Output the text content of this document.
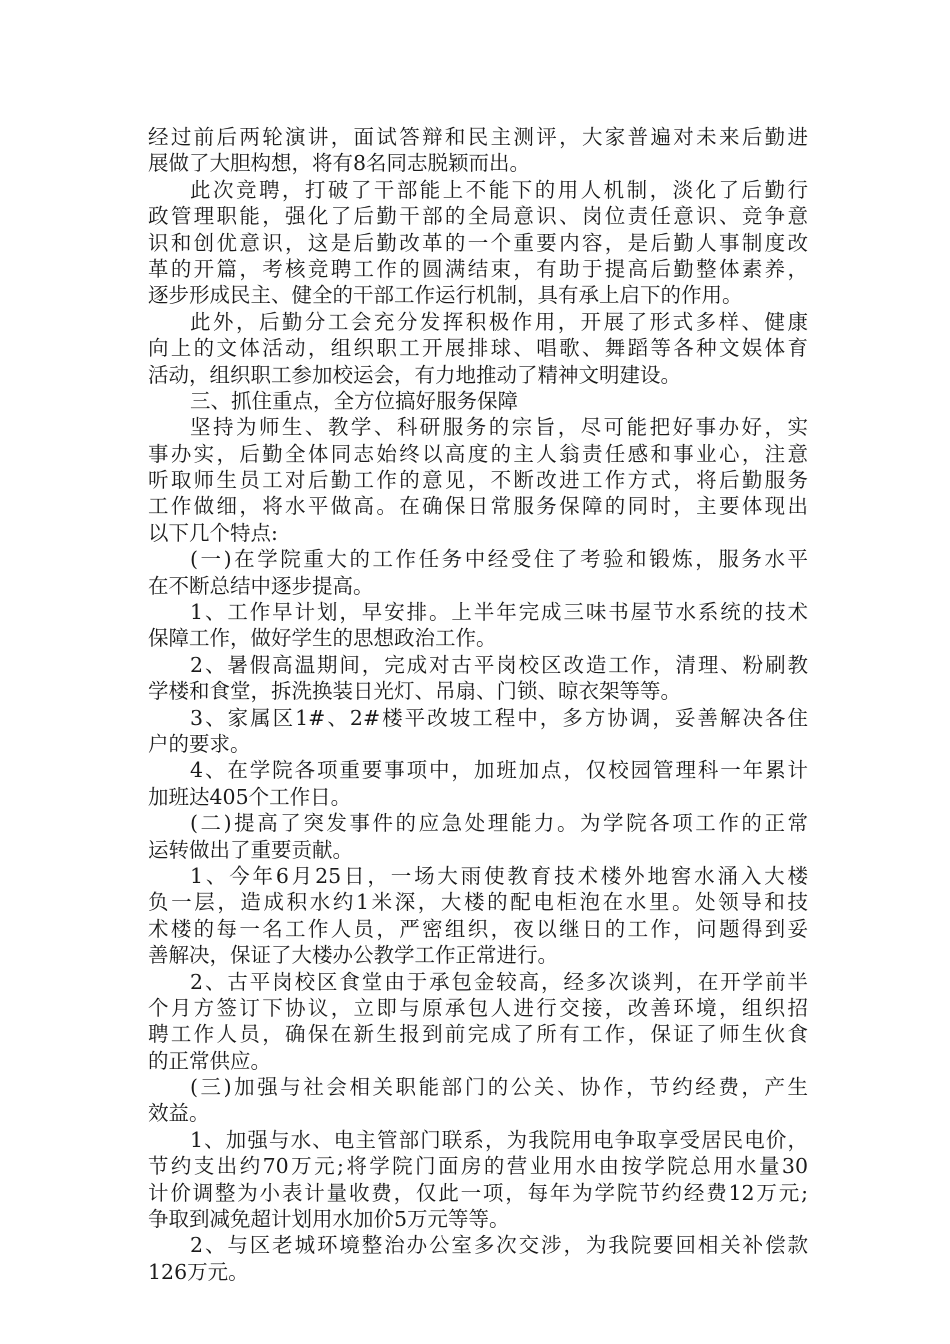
经过前后两轮演讲，面试答辩和民主测评，大家普遍对未来后勤进
展做了大胆构想，将有8名同志脱颖而出。
此次竞聘，打破了干部能上不能下的用人机制，淡化了后勤行
政管理职能，强化了后勤干部的全局意识、岗位责任意识、竞争意
识和创优意识，这是后勤改革的一个重要内容，是后勤人事制度改
革的开篇，考核竞聘工作的圆满结束，有助于提高后勤整体素养，
逐步形成民主、健全的干部工作运行机制，具有承上启下的作用。
此外，后勤分工会充分发挥积极作用，开展了形式多样、健康
向上的文体活动，组织职工开展排球、唱歌、舞蹈等各种文娱体育
活动，组织职工参加校运会，有力地推动了精神文明建设。
三、抓住重点，全方位搞好服务保障
坚持为师生、教学、科研服务的宗旨，尽可能把好事办好，实
事办实，后勤全体同志始终以高度的主人翁责任感和事业心，注意
听取师生员工对后勤工作的意见，不断改进工作方式，将后勤服务
工作做细，将水平做高。在确保日常服务保障的同时，主要体现出
以下几个特点:
(一)在学院重大的工作任务中经受住了考验和锻炼，服务水平
在不断总结中逐步提高。
1、工作早计划，早安排。上半年完成三味书屋节水系统的技术
保障工作，做好学生的思想政治工作。
2、暑假高温期间，完成对古平岗校区改造工作，清理、粉刷教
学楼和食堂，拆洗换装日光灯、吊扇、门锁、晾衣架等等。
3、家属区1#、2#楼平改坡工程中，多方协调，妥善解决各住
户的要求。
4、在学院各项重要事项中，加班加点，仅校园管理科一年累计
加班达405个工作日。
(二)提高了突发事件的应急处理能力。为学院各项工作的正常
运转做出了重要贡献。
1、今年6月25日，一场大雨使教育技术楼外地窖水涌入大楼
负一层，造成积水约1米深，大楼的配电柜泡在水里。处领导和技
术楼的每一名工作人员，严密组织，夜以继日的工作，问题得到妥
善解决，保证了大楼办公教学工作正常进行。
2、古平岗校区食堂由于承包金较高，经多次谈判，在开学前半
个月方签订下协议，立即与原承包人进行交接，改善环境，组织招
聘工作人员，确保在新生报到前完成了所有工作，保证了师生伙食
的正常供应。
(三)加强与社会相关职能部门的公关、协作，节约经费，产生
效益。
1、加强与水、电主管部门联系，为我院用电争取享受居民电价，
节约支出约70万元;将学院门面房的营业用水由按学院总用水量30
计价调整为小表计量收费，仅此一项，每年为学院节约经费12万元;
争取到减免超计划用水加价5万元等等。
2、与区老城环境整治办公室多次交涉，为我院要回相关补偿款
126万元。
